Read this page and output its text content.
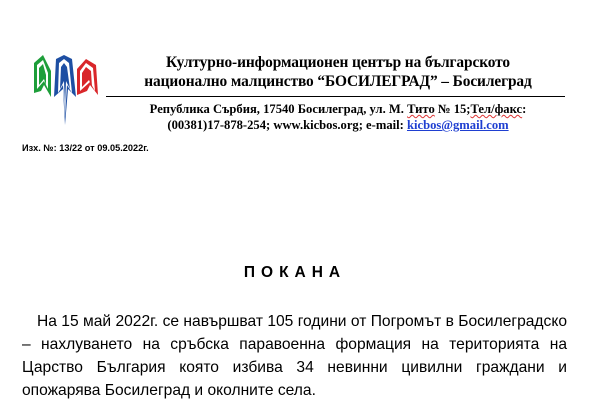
Културно-информационен център на българското
национално малцинство “БОСИЛЕГРАД” – Босилеград
Република Сърбия, 17540 Босилеград, ул. М. Тито № 15;Тел/факс:
(00381)17-878-254; www.kicbos.org; e-mail: kicbos@gmail.com
Изх. №: 13/22 от 09.05.2022г.
ПОКАНА

На 15 май 2022г. се навършват 105 години от Погромът в Босилеградско – нахлуването на сръбска паравоенна формация на територията на Царство България която избива 34 невинни цивилни граждани и опожарява Босилеград и околните села.
